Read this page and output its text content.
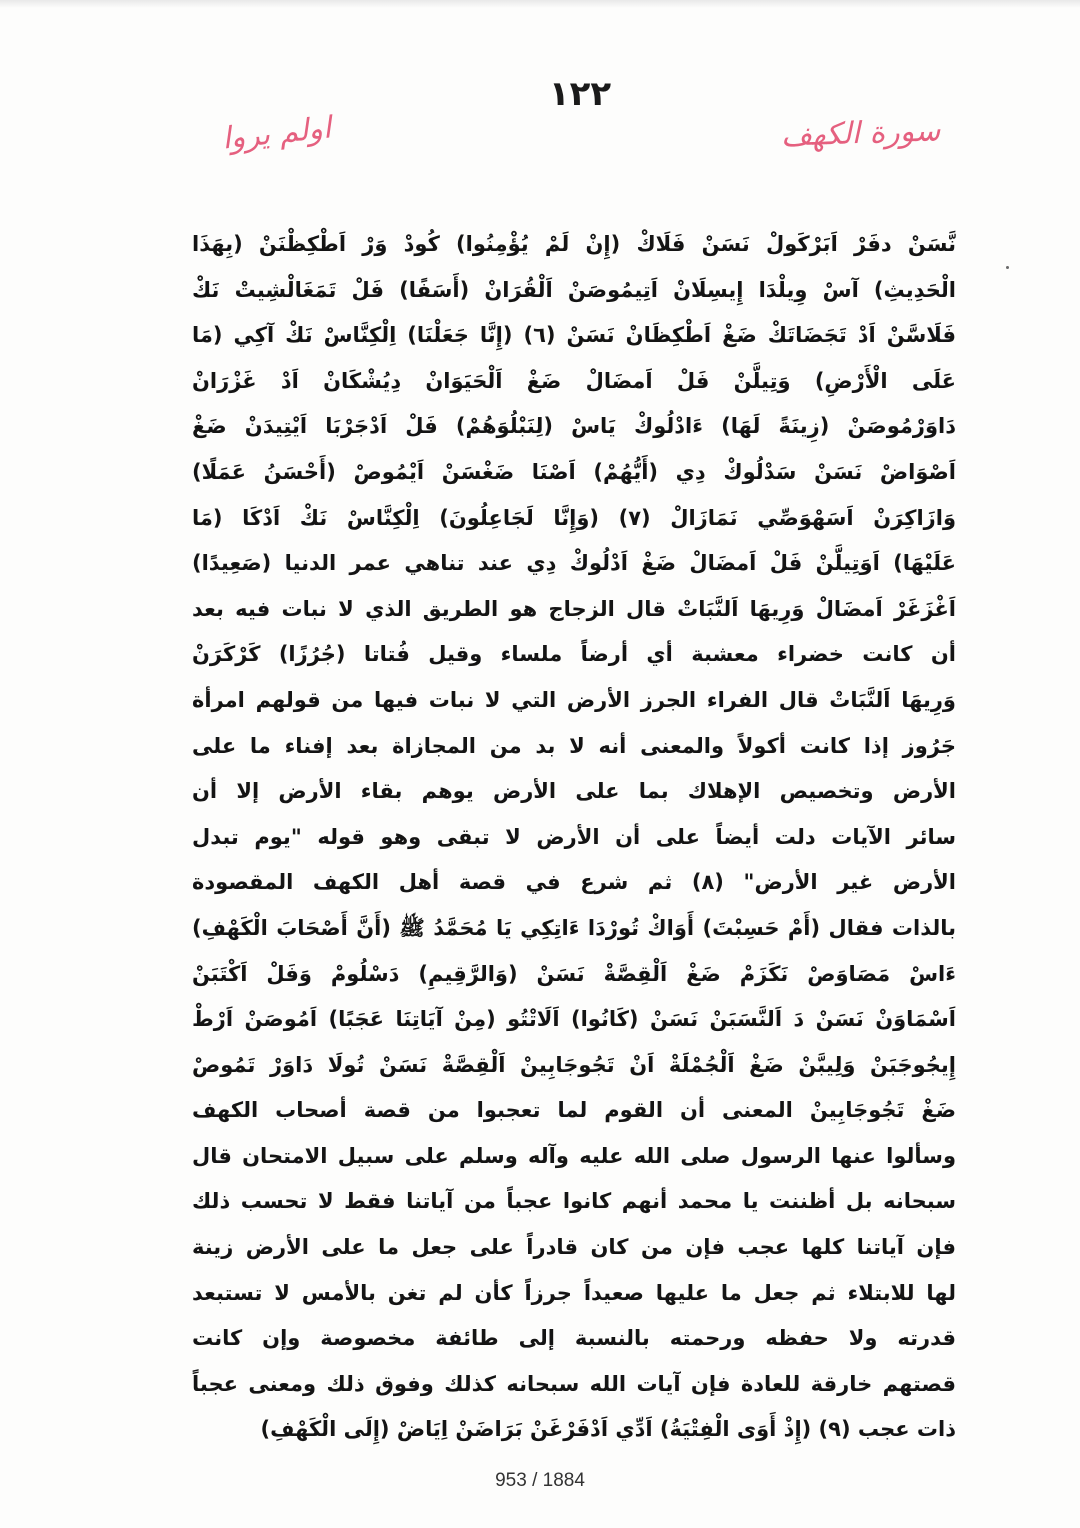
١٢٢
سورة الكهف
اولم يروا
نَّسَنْ دفَرْ اَبَرْكَولْ نَسَنْ فَلَاكْ (إِنْ لَمْ يُؤْمِنُوا) كُودْ وَرْ اَطْكِظْنَنْ (بِهَذَا
الْحَدِيثِ) آسْ وِيلْدَا إِيسِلَانْ اَتِيمُوصَنْ اَلْقُرَانْ (أَسَفًا) فَلْ تَمَغَالْشِيتْ نَكْ
فَلَاسَّنْ اَدْ تَجَضَاتَكْ ضَغْ اَطْكِظَانْ نَسَنْ (٦) (إِنَّا جَعَلْنَا) اِلْكِنَّاسْ نَكْ آكِي (مَا
عَلَى الْأَرْضِ) وَتِيلَّنْ فَلْ اَمضَالْ ضَغْ اَلْحَيَوَانْ دِيُشْكَانْ اَدْ غَزْرَانْ
دَاوَرْمُوصَنْ (زِينَةً لَهَا) ءَادْلُوكْ يَاسْ (لِنَبْلُوَهُمْ) فَلْ اَدْجَرْبَا اَيْتِيدَنْ ضَغْ
اَصْوَاضْ نَسَنْ سَدْلُوكْ دِي (أَيُّهُمْ) اَصْنَا ضَغْسَنْ اَيْمُوصْ (أَحْسَنُ عَمَلًا)
وَازَاكِرَنْ اَسَهْوَصِّي نَمَازَالْ (٧) (وَإِنَّا لَجَاعِلُونَ) اِلْكِنَّاسْ نَكْ اَدْكَا (مَا
عَلَيْهَا) اَوَتِيلَّنْ فَلْ اَمضَالْ ضَغْ اَدْلُوكْ دِي عند تناهي عمر الدنيا (صَعِيدًا)
اَغْزَغَرْ اَمضَالْ وَرِيهَا اَلنَّبَاتْ قال الزجاج هو الطريق الذي لا نبات فيه بعد
أن كانت خضراء معشبة أي أرضاً ملساء وقيل فُتاتا (جُرُزًا) كَرْكَرَنْ
وَرِيهَا اَلنَّبَاتْ قال الفراء الجرز الأرض التي لا نبات فيها من قولهم امرأة
جَرُوز إذا كانت أكولاً والمعنى أنه لا بد من المجازاة بعد إفناء ما على
الأرض وتخصيص الإهلاك بما على الأرض يوهم بقاء الأرض إلا أن
سائر الآيات دلت أيضاً على أن الأرض لا تبقى وهو قوله "يوم تبدل
الأرض غير الأرض" (٨) ثم شرع في قصة أهل الكهف المقصودة
بالذات فقال (أَمْ حَسِبْتَ) أَوَاكْ تُورْدَا ءَاتِكِي يَا مُحَمَّدُ ﷺ (أَنَّ أَصْحَابَ الْكَهْفِ)
ءَاسْ مَصَاوَصْ نَكَزَمْ ضَغْ اَلْقِصَّةْ نَسَنْ (وَالرَّقِيمِ) دَسْلُومْ وَفَلْ اَكْتَبَنْ
اَسْمَاوَنْ نَسَنْ دَ اَلنَّسَبَنْ نَسَنْ (كَانُوا) اَلَاتْتُو (مِنْ آيَاتِنَا عَجَبًا) اَمُوصَنْ اَرْطْ
إِيجُوجَبَنْ وَلِيبَّنْ ضَغْ اَلْجُمْلَةْ اَنْ تَجُوجَابِينْ اَلْقِصَّةْ نَسَنْ تُولَا دَاوَرْ تَمُوصْ
ضَغْ تَجُوجَابِينْ المعنى أن القوم لما تعجبوا من قصة أصحاب الكهف
وسألوا عنها الرسول صلى الله عليه وآله وسلم على سبيل الامتحان قال
سبحانه بل أظننت يا محمد أنهم كانوا عجباً من آياتنا فقط لا تحسب ذلك
فإن آياتنا كلها عجب فإن من كان قادراً على جعل ما على الأرض زينة
لها للابتلاء ثم جعل ما عليها صعيداً جرزاً كأن لم تغن بالأمس لا تستبعد
قدرته ولا حفظه ورحمته بالنسبة إلى طائفة مخصوصة وإن كانت
قصتهم خارقة للعادة فإن آيات الله سبحانه كذلك وفوق ذلك ومعنى عجباً
ذات عجب (٩) (إِذْ أَوَى الْفِتْيَةُ) اَدِّي اَدْفَرْغَنْ بَرَاضَنْ اِيَاضْ (إِلَى الْكَهْفِ)
953 / 1884
